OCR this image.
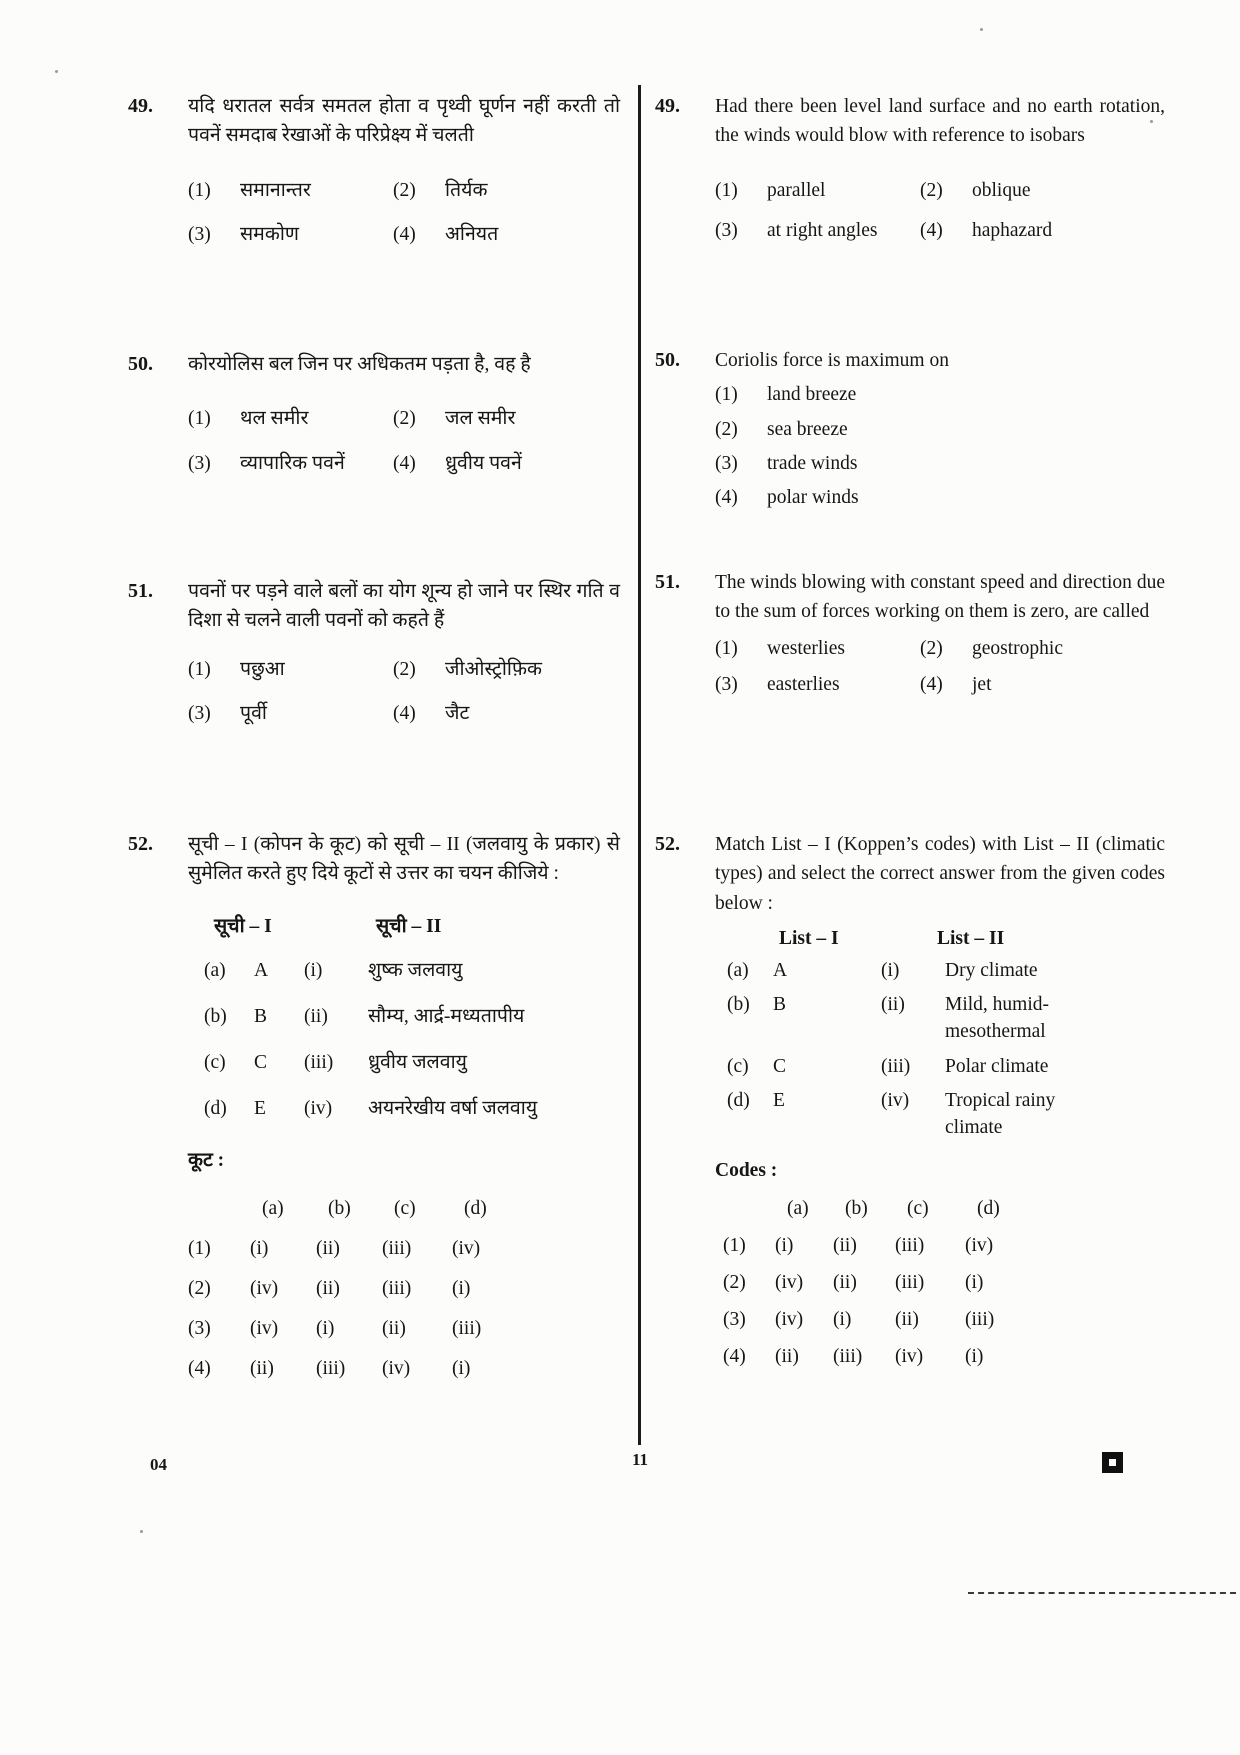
49.	यदि धरातल सर्वत्र समतल होता व पृथ्वी घूर्णन नहीं करती तो पवनें समदाब रेखाओं के परिप्रेक्ष्य में चलती
(1)	समानान्तर	(2)	तिर्यक
(3)	समकोण	(4)	अनियत
50.	कोरयोलिस बल जिन पर अधिकतम पड़ता है, वह है
(1)	थल समीर	(2)	जल समीर
(3)	व्यापारिक पवनें (4)	ध्रुवीय पवनें
51.	पवनों पर पड़ने वाले बलों का योग शून्य हो जाने पर स्थिर गति व दिशा से चलने वाली पवनों को कहते हैं
(1)	पछुआ	(2)	जीओस्ट्रोफ़िक
(3)	पूर्वी	(4)	जैट
52.	सूची – I (कोपन के कूट) को सूची – II (जलवायु के प्रकार) से सुमेलित करते हुए दिये कूटों से उत्तर का चयन कीजिये :
सूची – I	सूची – II
(a)	A	(i)	शुष्क जलवायु
(b)	B	(ii)	सौम्य, आर्द्र-मध्यतापीय
(c)	C	(iii)	ध्रुवीय जलवायु
(d)	E	(iv)	अयनरेखीय वर्षा जलवायु
कूट :
(a)	(b)	(c)	(d)
(1)	(i)	(ii)	(iii)	(iv)
(2)	(iv)	(ii)	(iii)	(i)
(3)	(iv)	(i)	(ii)	(iii)
(4)	(ii)	(iii)	(iv)	(i)
49.	Had there been level land surface and no earth rotation, the winds would blow with reference to isobars
(1)	parallel	(2)	oblique
(3)	at right angles (4)	haphazard
50.	Coriolis force is maximum on
(1)	land breeze
(2)	sea breeze
(3)	trade winds
(4)	polar winds
51.	The winds blowing with constant speed and direction due to the sum of forces working on them is zero, are called
(1)	westerlies	(2)	geostrophic
(3)	easterlies	(4)	jet
52.	Match List – I (Koppen’s codes) with List – II (climatic types) and select the correct answer from the given codes below :
List – I	List – II
(a)	A	(i)	Dry climate
(b)	B	(ii)	Mild, humid-mesothermal
(c)	C	(iii)	Polar climate
(d)	E	(iv)	Tropical rainy climate
Codes :
(a)	(b)	(c)	(d)
(1)	(i)	(ii)	(iii)	(iv)
(2)	(iv)	(ii)	(iii)	(i)
(3)	(iv)	(i)	(ii)	(iii)
(4)	(ii)	(iii)	(iv)	(i)
04	11
